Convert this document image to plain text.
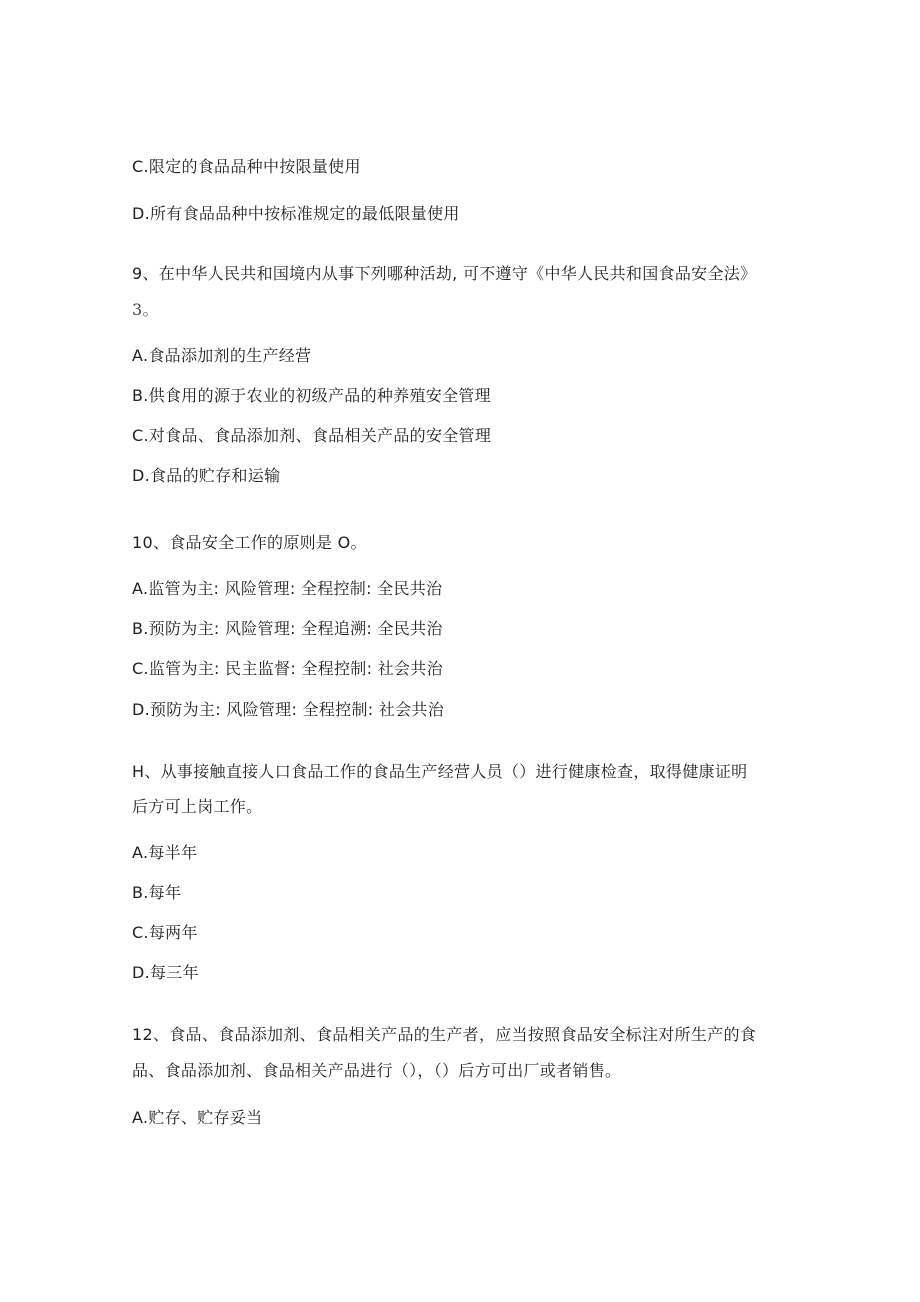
C.限定的食品品种中按限量使用
D.所有食品品种中按标准规定的最低限量使用
9、在中华人民共和国境内从事下列哪种活劫, 可不遵守《中华人民共和国食品安全法》
3。
A.食品添加剂的生产经营
B.供食用的源于农业的初级产品的种养殖安全管理
C.对食品、食品添加剂、食品相关产品的安全管理
D.食品的贮存和运输
10、食品安全工作的原则是 O。
A.监管为主: 风险管理: 全程控制: 全民共治
B.预防为主: 风险管理: 全程追溯: 全民共治
C.监管为主: 民主监督: 全程控制: 社会共治
D.预防为主: 风险管理: 全程控制: 社会共治
H、从事接触直接人口食品工作的食品生产经营人员（）进行健康检查，取得健康证明
后方可上岗工作。
A.每半年
B.每年
C.每两年
D.每三年
12、食品、食品添加剂、食品相关产品的生产者，应当按照食品安全标注对所生产的食
品、食品添加剂、食品相关产品进行（），（）后方可出厂或者销售。
A.贮存、贮存妥当
